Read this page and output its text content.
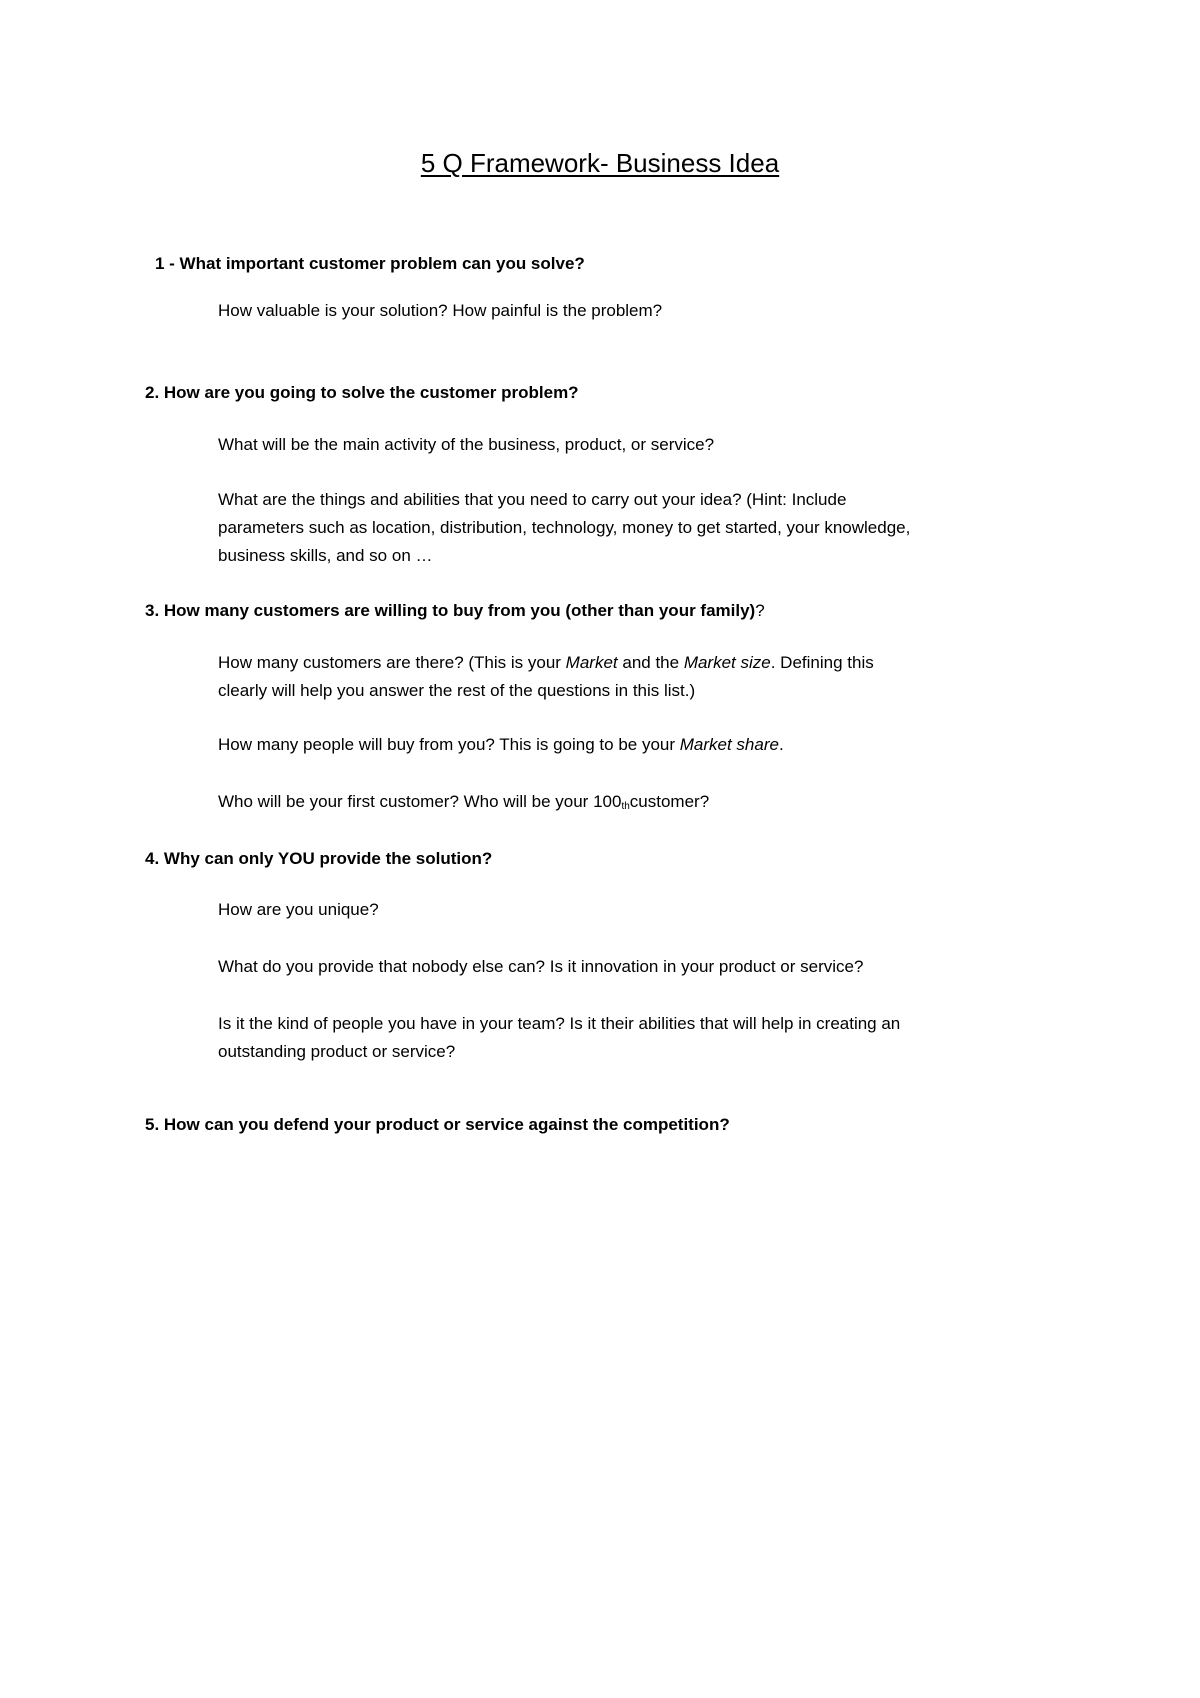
5 Q Framework- Business Idea
1 - What important customer problem can you solve?
How valuable is your solution? How painful is the problem?
2. How are you going to solve the customer problem?
What will be the main activity of the business, product, or service?
What are the things and abilities that you need to carry out your idea? (Hint: Include
parameters such as location, distribution, technology, money to get started, your knowledge,
business skills, and so on …
3. How many customers are willing to buy from you (other than your family)?
How many customers are there? (This is your Market and the Market size. Defining this
clearly will help you answer the rest of the questions in this list.)
How many people will buy from you? This is going to be your Market share.
Who will be your first customer? Who will be your $100_{th}customer$?
4. Why can only YOU provide the solution?
How are you unique?
What do you provide that nobody else can? Is it innovation in your product or service?
Is it the kind of people you have in your team? Is it their abilities that will help in creating an
outstanding product or service?
5. How can you defend your product or service against the competition?
